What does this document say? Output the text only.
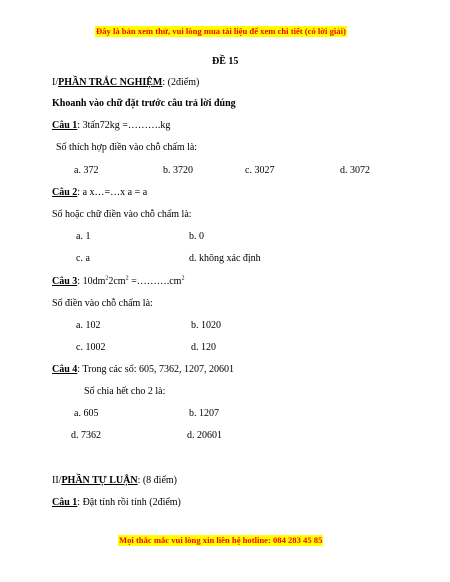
Đây là bản xem thử, vui lòng mua tài liệu để xem chi tiết (có lời giải)
ĐỀ 15
I/PHẦN TRẮC NGHIỆM: (2điểm)
Khoanh vào chữ đặt trước câu trả lời đúng
Câu 1: 3tấn72kg =……….kg
Số thích hợp điền vào chỗ chấm là:
a. 372	b. 3720	c. 3027	d. 3072
Câu 2: a x…=…x a = a
Số hoặc chữ điền vào chỗ chấm là:
a. 1	b. 0
c. a	d. không xác định
Câu 3: $10dm^22cm^2$ $=\dots\dots\dots.cm^2$
Số điền vào chỗ chấm là:
a. 102	b. 1020
c. 1002	d. 120
Câu 4: Trong các số: 605, 7362, 1207, 20601
Số chia hết cho 2 là:
a. 605	b. 1207
d. 7362	d. 20601
II/PHẦN TỰ LUẬN: (8 điểm)
Câu 1: Đặt tính rồi tính (2điểm)
Mọi thắc mắc vui lòng xin liên hệ hotline: 084 283 45 85
